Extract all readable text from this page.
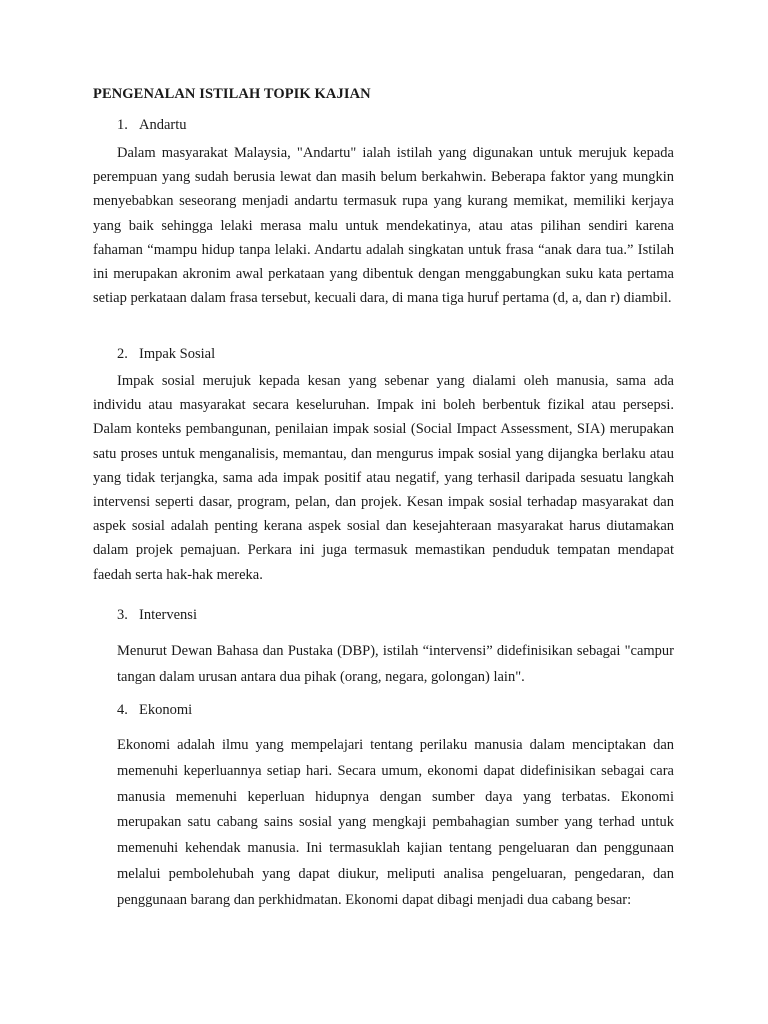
PENGENALAN ISTILAH TOPIK KAJIAN
1. Andartu

Dalam masyarakat Malaysia, "Andartu" ialah istilah yang digunakan untuk merujuk kepada perempuan yang sudah berusia lewat dan masih belum berkahwin. Beberapa faktor yang mungkin menyebabkan seseorang menjadi andartu termasuk rupa yang kurang memikat, memiliki kerjaya yang baik sehingga lelaki merasa malu untuk mendekatinya, atau atas pilihan sendiri karena fahaman “mampu hidup tanpa lelaki. Andartu adalah singkatan untuk frasa “anak dara tua.” Istilah ini merupakan akronim awal perkataan yang dibentuk dengan menggabungkan suku kata pertama setiap perkataan dalam frasa tersebut, kecuali dara, di mana tiga huruf pertama (d, a, dan r) diambil.

2. Impak Sosial

Impak sosial merujuk kepada kesan yang sebenar yang dialami oleh manusia, sama ada individu atau masyarakat secara keseluruhan. Impak ini boleh berbentuk fizikal atau persepsi. Dalam konteks pembangunan, penilaian impak sosial (Social Impact Assessment, SIA) merupakan satu proses untuk menganalisis, memantau, dan mengurus impak sosial yang dijangka berlaku atau yang tidak terjangka, sama ada impak positif atau negatif, yang terhasil daripada sesuatu langkah intervensi seperti dasar, program, pelan, dan projek. Kesan impak sosial terhadap masyarakat dan aspek sosial adalah penting kerana aspek sosial dan kesejahteraan masyarakat harus diutamakan dalam projek pemajuan. Perkara ini juga termasuk memastikan penduduk tempatan mendapat faedah serta hak-hak mereka.

3. Intervensi

Menurut Dewan Bahasa dan Pustaka (DBP), istilah “intervensi” didefinisikan sebagai "campur tangan dalam urusan antara dua pihak (orang, negara, golongan) lain".

4. Ekonomi

Ekonomi adalah ilmu yang mempelajari tentang perilaku manusia dalam menciptakan dan memenuhi keperluannya setiap hari. Secara umum, ekonomi dapat didefinisikan sebagai cara manusia memenuhi keperluan hidupnya dengan sumber daya yang terbatas. Ekonomi merupakan satu cabang sains sosial yang mengkaji pembahagian sumber yang terhad untuk memenuhi kehendak manusia. Ini termasuklah kajian tentang pengeluaran dan penggunaan melalui pembolehubah yang dapat diukur, meliputi analisa pengeluaran, pengedaran, dan penggunaan barang dan perkhidmatan. Ekonomi dapat dibagi menjadi dua cabang besar:
